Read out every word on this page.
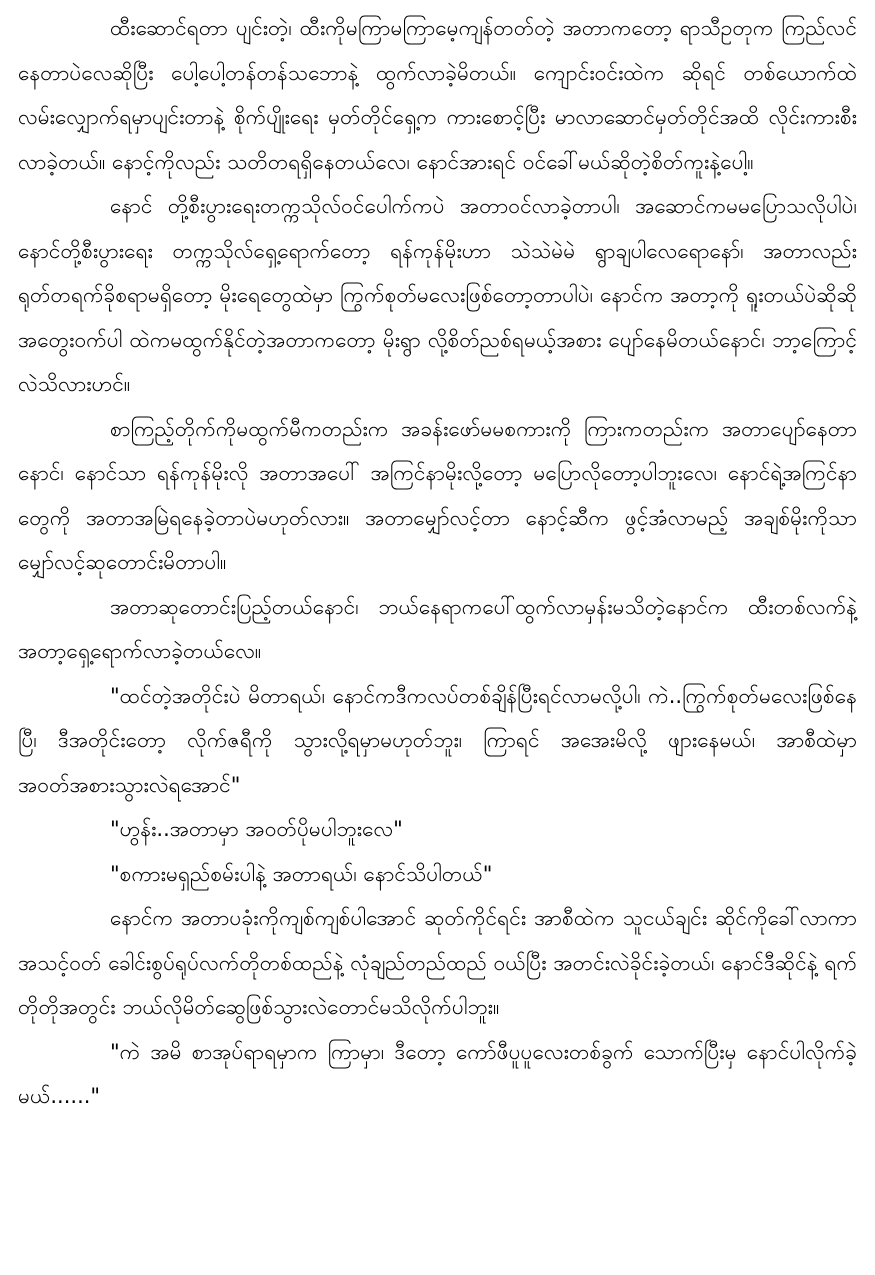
ထီးဆောင်ရတာ ပျင်းတဲ့၊ ထီးကိုမကြာမကြာမေ့ကျန်တတ်တဲ့ အတာကတော့ ရာသီဥတုက ကြည်လင်နေတာပဲလေဆိုပြီး ပေါ့ပေါ့တန်တန်သဘောနဲ့ ထွက်လာခဲ့မိတယ်။ ကျောင်းဝင်းထဲက ဆိုရင် တစ်ယောက်ထဲ လမ်းလျှောက်ရမှာပျင်းတာနဲ့ စိုက်ပျိုးရေး မှတ်တိုင်ရှေ့က ကားစောင့်ပြီး မာလာဆောင်မှတ်တိုင်အထိ လိုင်းကားစီးလာခဲ့တယ်။ နောင့်ကိုလည်း သတိတရရှိနေတယ်လေ၊ နောင်အားရင် ဝင်ခေါ်မယ်ဆိုတဲ့စိတ်ကူးနဲ့ပေါ့။

နောင် တို့စီးပွားရေးတက္ကသိုလ်ဝင်ပေါက်ကပဲ အတာဝင်လာခဲ့တာပါ၊ အဆောင်ကမမပြောသလိုပါပဲ၊ နောင်တို့စီးပွားရေး တက္ကသိုလ်ရှေ့ရောက်တော့ ရန်ကုန်မိုးဟာ သဲသဲမဲမဲ ရွာချပါလေရောနော်၊ အတာလည်း ရုတ်တရက်ခိုစရာမရှိတော့ မိုးရေတွေထဲမှာ ကြွက်စုတ်မလေးဖြစ်တော့တာပါပဲ၊ နောင်က အတာ့ကို ရူးတယ်ပဲဆိုဆို အတွေးဝက်ပါ ထဲကမထွက်နိုင်တဲ့အတာကတော့ မိုးရွာ လို့စိတ်ညစ်ရမယ့်အစား ပျော်နေမိတယ်နောင်၊ ဘာ့ကြောင့်လဲသိလားဟင်။

စာကြည့်တိုက်ကိုမထွက်မီကတည်းက အခန်းဖော်မမစကားကို ကြားကတည်းက အတာပျော်နေတာနောင်၊ နောင်သာ ရန်ကုန်မိုးလို အတာအပေါ် အကြင်နာမိုးလို့တော့ မပြောလိုတော့ပါဘူးလေ၊ နောင်ရဲ့အကြင်နာတွေကို အတာအမြဲရနေခဲ့တာပဲမဟုတ်လား။ အတာမျှော်လင့်တာ နောင့်ဆီက ဖွင့်အံလာမည့် အချစ်မိုးကိုသာမျှော်လင့်ဆုတောင်းမိတာပါ။

အတာဆုတောင်းပြည့်တယ်နောင်၊ ဘယ်နေရာကပေါ်ထွက်လာမှန်းမသိတဲ့နောင်က ထီးတစ်လက်နဲ့ အတာ့ရှေ့ရောက်လာခဲ့တယ်လေ။

"ထင်တဲ့အတိုင်းပဲ မိတာရယ်၊ နောင်ကဒီကလပ်တစ်ချိန်ပြီးရင်လာမလို့ပါ၊ ကဲ..ကြွက်စုတ်မလေးဖြစ်နေပြီ၊ ဒီအတိုင်းတော့ လိုက်ဇရီကို သွားလို့ရမှာမဟုတ်ဘူး၊ ကြာရင် အအေးမိလို့ ဖျားနေမယ်၊ အာစီထဲမှာ အဝတ်အစားသွားလဲရအောင်"

"ဟွန်း..အတာမှာ အဝတ်ပိုမပါဘူးလေ"

"စကားမရှည်စမ်းပါနဲ့ အတာရယ်၊ နောင်သိပါတယ်"

နောင်က အတာပခုံးကိုကျစ်ကျစ်ပါအောင် ဆုတ်ကိုင်ရင်း အာစီထဲက သူငယ်ချင်း ဆိုင်ကိုခေါ်လာကာ အသင့်ဝတ် ခေါင်းစွပ်ရုပ်လက်တိုတစ်ထည်နဲ့ လုံချည်တည်ထည် ဝယ်ပြီး အတင်းလဲခိုင်းခဲ့တယ်၊ နောင်ဒီဆိုင်နဲ့ ရက်တိုတိုအတွင်း ဘယ်လိုမိတ်ဆွေဖြစ်သွားလဲတောင်မသိလိုက်ပါဘူး။

"ကဲ အမိ စာအုပ်ရာရမှာက ကြာမှာ၊ ဒီတော့ ကော်ဖီပူပူလေးတစ်ခွက် သောက်ပြီးမှ နောင်ပါလိုက်ခဲ့မယ်......"
